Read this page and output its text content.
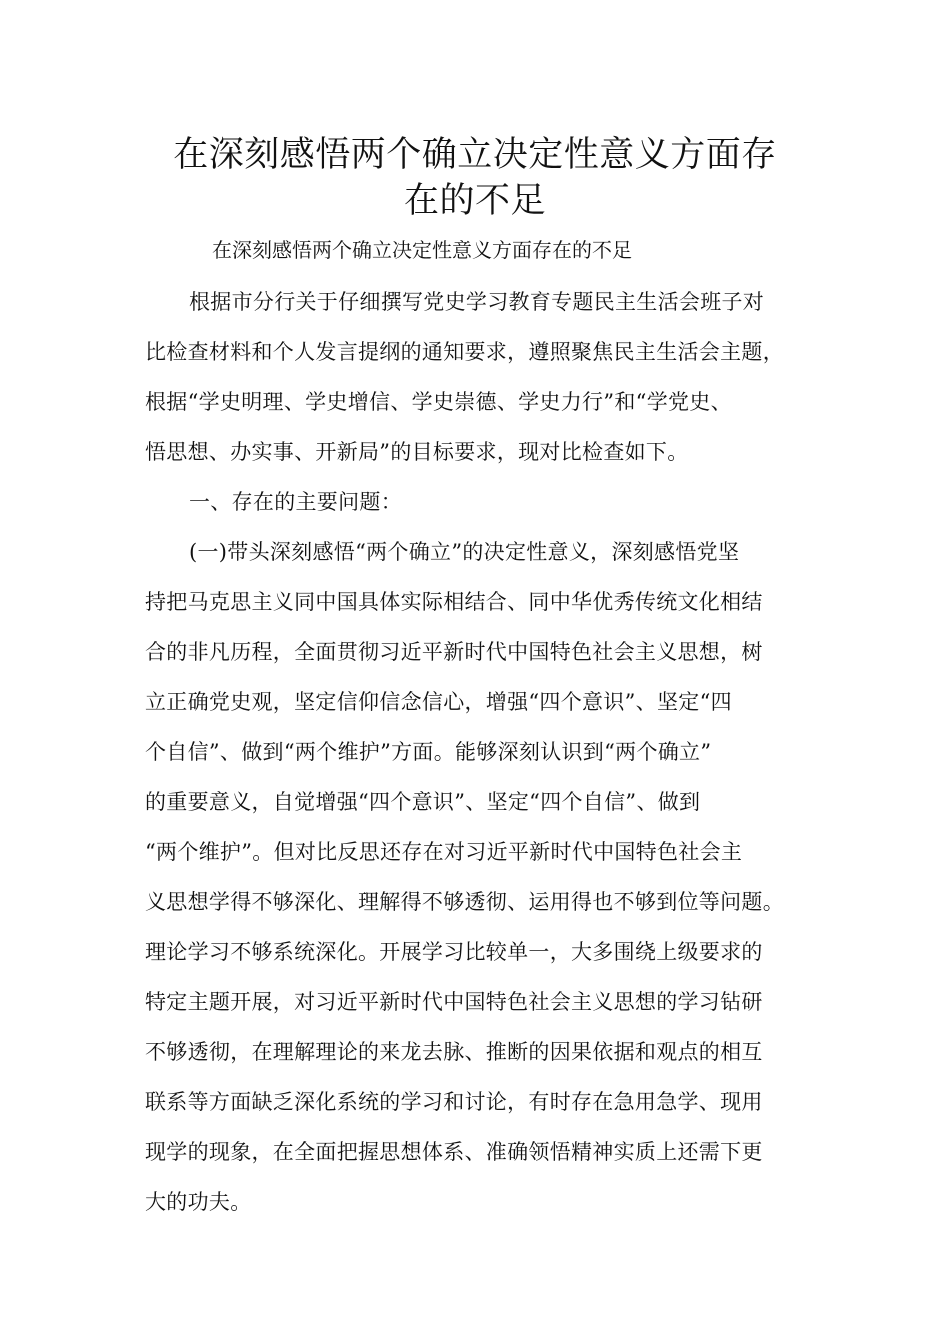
在深刻感悟两个确立决定性意义方面存
在的不足

在深刻感悟两个确立决定性意义方面存在的不足

根据市分行关于仔细撰写党史学习教育专题民主生活会班子对
比检查材料和个人发言提纲的通知要求，遵照聚焦民主生活会主题，
根据“学史明理、学史增信、学史崇德、学史力行”和“学党史、
悟思想、办实事、开新局”的目标要求，现对比检查如下。
一、存在的主要问题：
(一)带头深刻感悟“两个确立”的决定性意义，深刻感悟党坚
持把马克思主义同中国具体实际相结合、同中华优秀传统文化相结
合的非凡历程，全面贯彻习近平新时代中国特色社会主义思想，树
立正确党史观，坚定信仰信念信心，增强“四个意识”、坚定“四
个自信”、做到“两个维护”方面。能够深刻认识到“两个确立”
的重要意义，自觉增强“四个意识”、坚定“四个自信”、做到
“两个维护”。但对比反思还存在对习近平新时代中国特色社会主
义思想学得不够深化、理解得不够透彻、运用得也不够到位等问题。
理论学习不够系统深化。开展学习比较单一，大多围绕上级要求的
特定主题开展，对习近平新时代中国特色社会主义思想的学习钻研
不够透彻，在理解理论的来龙去脉、推断的因果依据和观点的相互
联系等方面缺乏深化系统的学习和讨论，有时存在急用急学、现用
现学的现象，在全面把握思想体系、准确领悟精神实质上还需下更
大的功夫。
